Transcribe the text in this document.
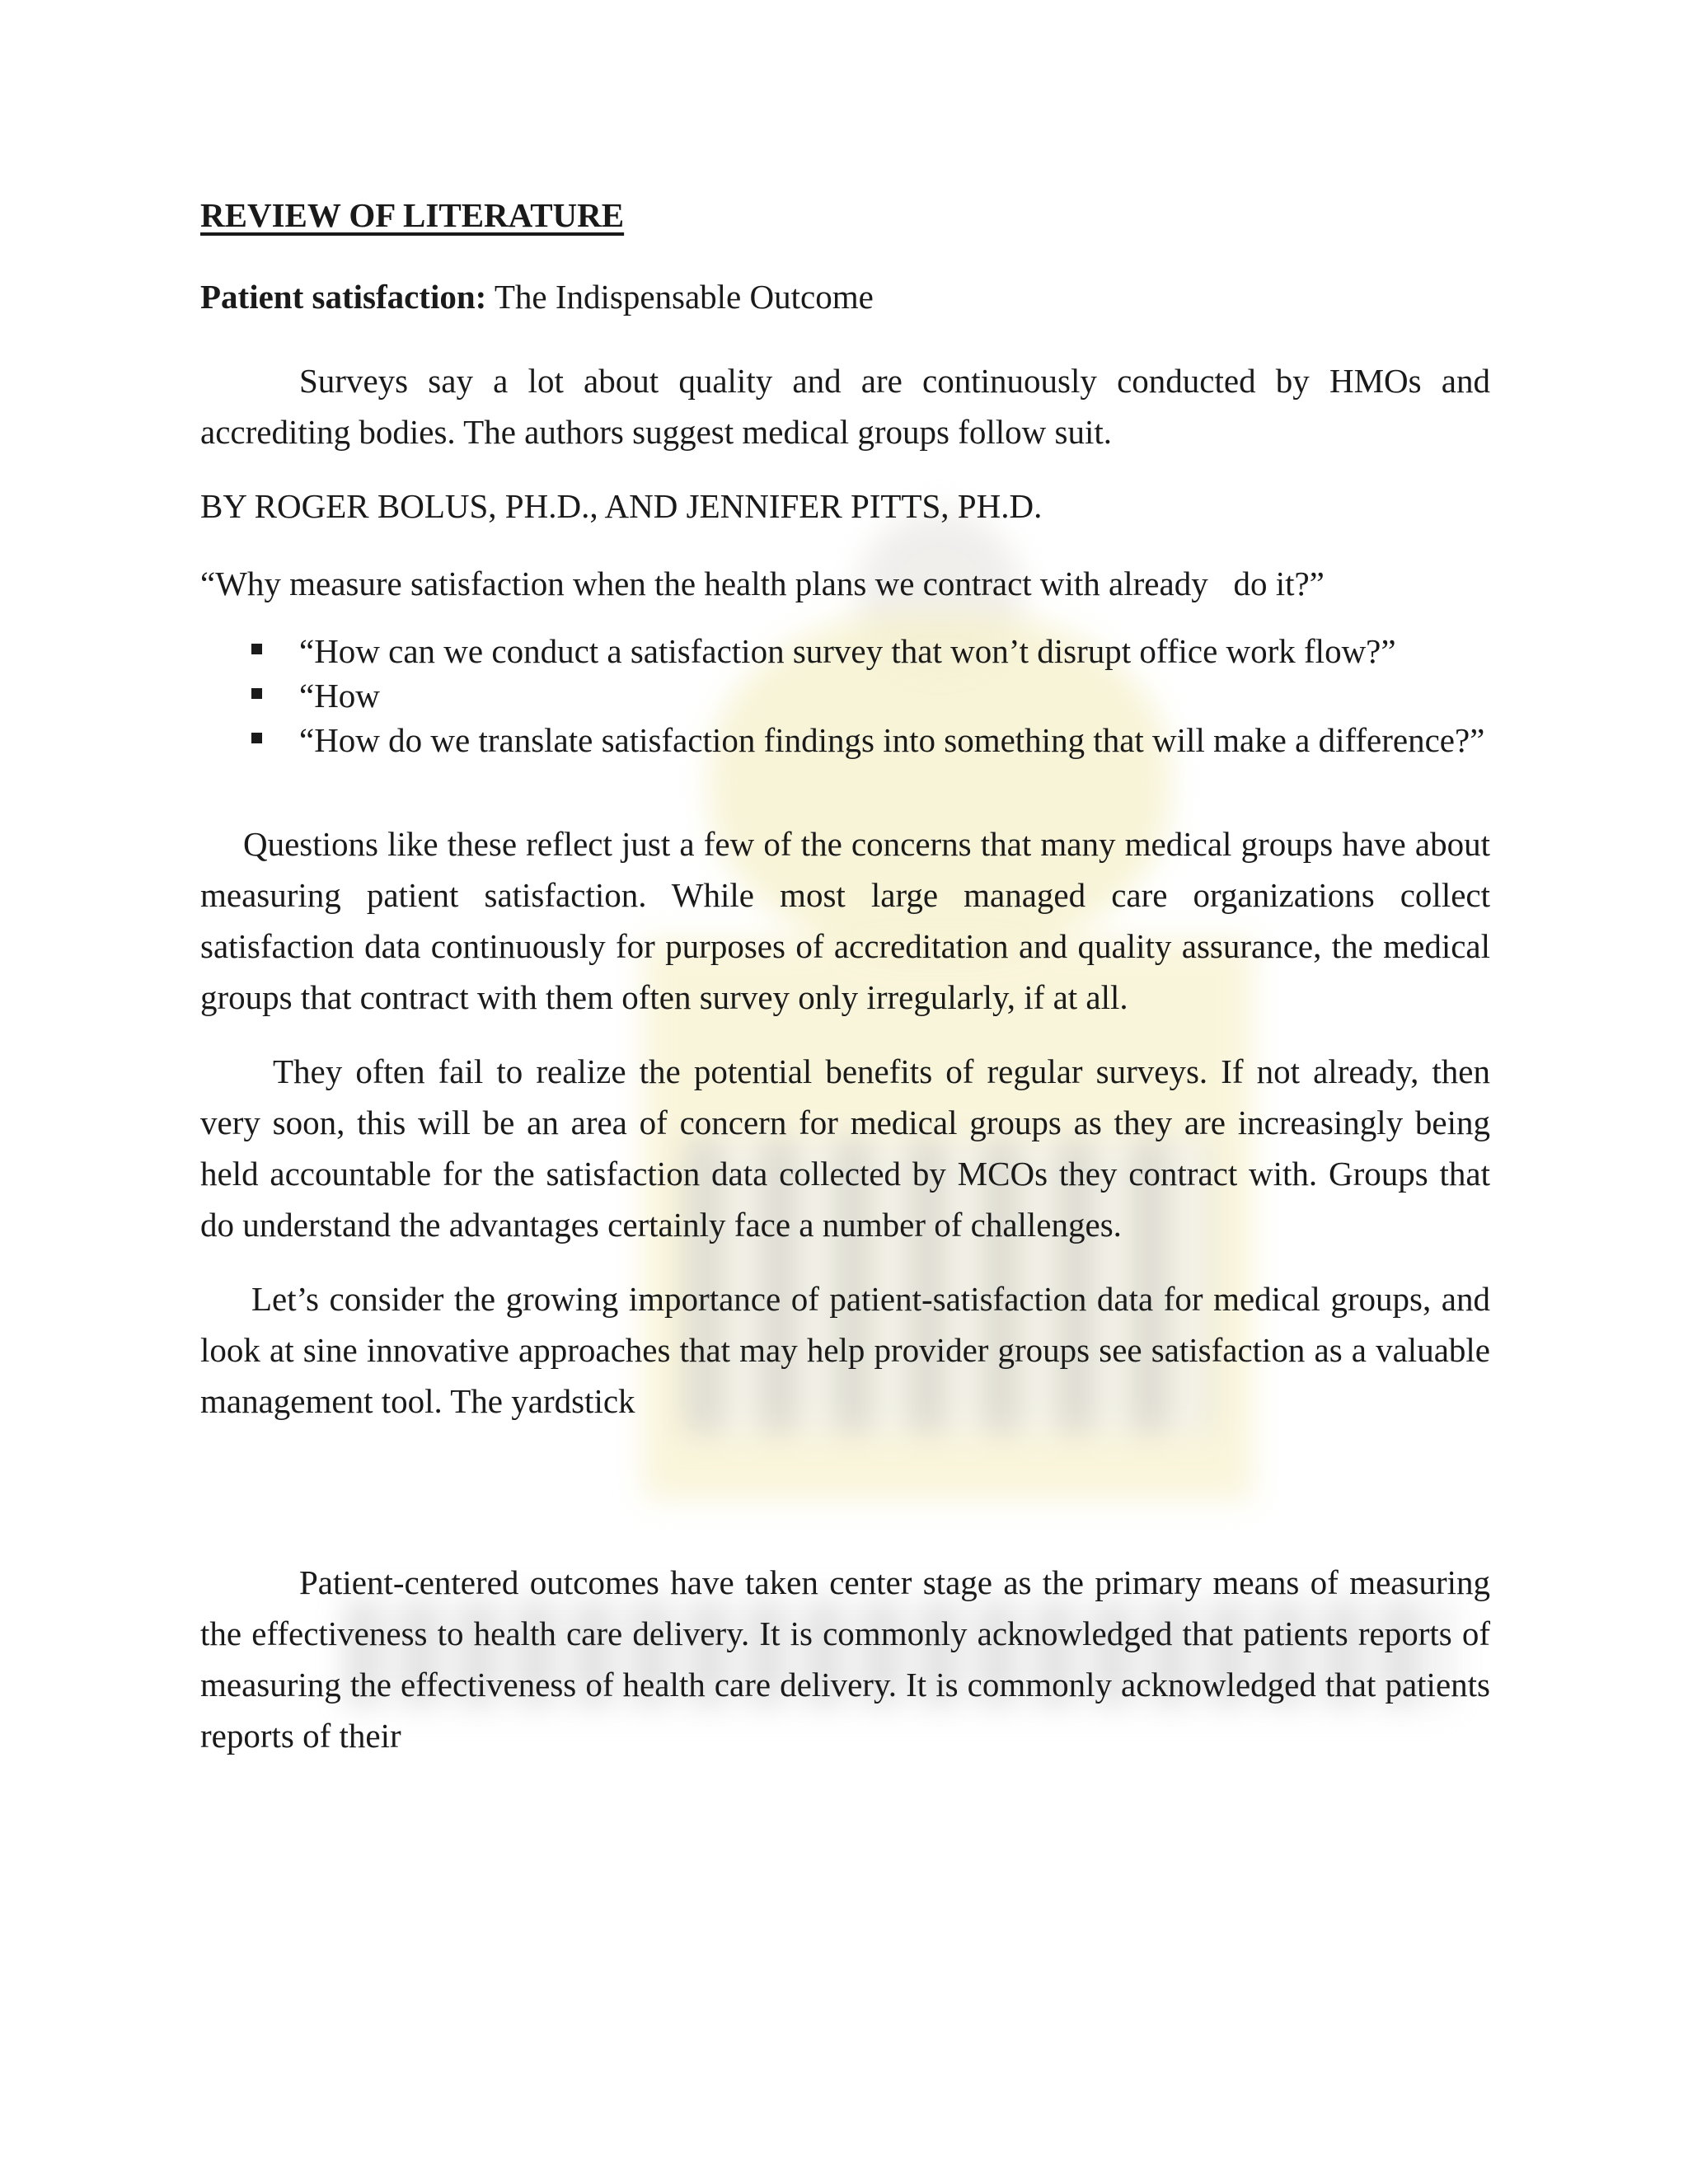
REVIEW OF LITERATURE
Patient satisfaction: The Indispensable Outcome

Surveys say a lot about quality and are continuously conducted by HMOs and accrediting bodies. The authors suggest medical groups follow suit.

BY ROGER BOLUS, PH.D., AND JENNIFER PITTS, PH.D.
“Why measure satisfaction when the health plans we contract with already   do it?”
“How can we conduct a satisfaction survey that won’t disrupt office work flow?”
“How
“How do we translate satisfaction findings into something that will make a difference?”

Questions like these reflect just a few of the concerns that many medical groups have about measuring patient satisfaction. While most large managed care organizations collect satisfaction data continuously for purposes of accreditation and quality assurance, the medical groups that contract with them often survey only irregularly, if at all.

They often fail to realize the potential benefits of regular surveys. If not already, then very soon, this will be an area of concern for medical groups as they are increasingly being held accountable for the satisfaction data collected by MCOs they contract with. Groups that do understand the advantages certainly face a number of challenges.

Let’s consider the growing importance of patient-satisfaction data for medical groups, and look at sine innovative approaches that may help provider groups see satisfaction as a valuable management tool. The yardstick

Patient-centered outcomes have taken center stage as the primary means of measuring the effectiveness to health care delivery. It is commonly acknowledged that patients reports of measuring the effectiveness of health care delivery. It is commonly acknowledged that patients reports of their
